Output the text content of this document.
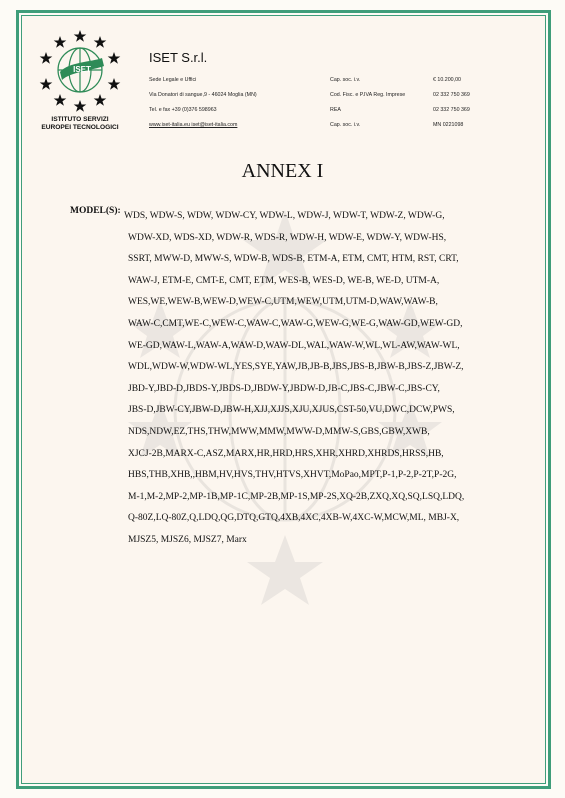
ISET
ISTITUTO SERVIZI
EUROPEI TECNOLOGICI
ISET S.r.l.
Sede Legale e Uffici
Via Donatori di sangue,9 - 46024 Moglia (MN)
Tel. e fax +39 (0)376 598963
www.iset-italia.eu iset@iset-italia.com
Cap. soc. i.v.
Cod. Fisc. e P.IVA Reg. Imprese
REA
Cap. soc. i.v.
€ 10.200,00
02 332 750 369
02 332 750 369
MN 0221098
ANNEX I
MODEL(S): WDS, WDW-S, WDW, WDW-CY, WDW-L, WDW-J, WDW-T, WDW-Z, WDW-G,
WDW-XD, WDS-XD, WDW-R, WDS-R, WDW-H, WDW-E, WDW-Y, WDW-HS,
SSRT, MWW-D, MWW-S, WDW-B, WDS-B, ETM-A, ETM, CMT, HTM, RST, CRT,
WAW-J, ETM-E, CMT-E, CMT, ETM, WES-B, WES-D, WE-B, WE-D, UTM-A,
WES,WE,WEW-B,WEW-D,WEW-C,UTM,WEW,UTM,UTM-D,WAW,WAW-B,
WAW-C,CMT,WE-C,WEW-C,WAW-C,WAW-G,WEW-G,WE-G,WAW-GD,WEW-GD,
WE-GD,WAW-L,WAW-A,WAW-D,WAW-DL,WAL,WAW-W,WL,WL-AW,WAW-WL,
WDL,WDW-W,WDW-WL,YES,SYE,YAW,JB,JB-B,JBS,JBS-B,JBW-B,JBS-Z,JBW-Z,
JBD-Y,JBD-D,JBDS-Y,JBDS-D,JBDW-Y,JBDW-D,JB-C,JBS-C,JBW-C,JBS-CY,
JBS-D,JBW-CY,JBW-D,JBW-H,XJJ,XJJS,XJU,XJUS,CST-50,VU,DWC,DCW,PWS,
NDS,NDW,EZ,THS,THW,MWW,MMW,MWW-D,MMW-S,GBS,GBW,XWB,
XJCJ-2B,MARX-C,ASZ,MARX,HR,HRD,HRS,XHR,XHRD,XHRDS,HRSS,HB,
HBS,THB,XHB,,HBM,HV,HVS,THV,HTVS,XHVT,MoPao,MPT,P-1,P-2,P-2T,P-2G,
M-1,M-2,MP-2,MP-1B,MP-1C,MP-2B,MP-1S,MP-2S,XQ-2B,ZXQ,XQ,SQ,LSQ,LDQ,
Q-80Z,LQ-80Z,Q,LDQ,QG,DTQ,GTQ,4XB,4XC,4XB-W,4XC-W,MCW,ML, MBJ-X,
MJSZ5, MJSZ6, MJSZ7, Marx
